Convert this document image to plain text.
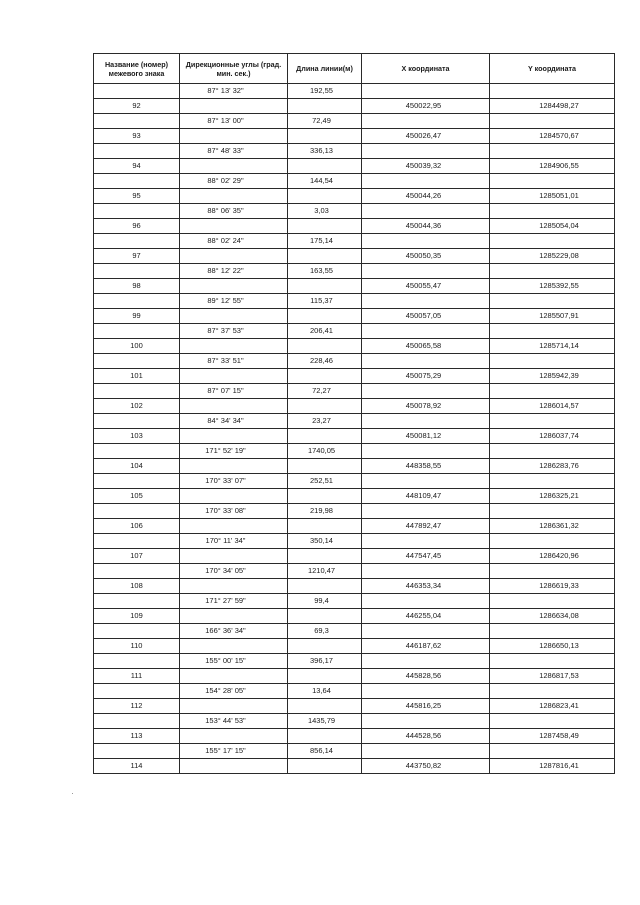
Название (номер) межевого знака	Дирекционные углы (град. мин. сек.)	Длина линии(м)	Х координата	Y координата
	87° 13' 32"	192,55		
92			450022,95	1284498,27
	87° 13' 00"	72,49		
93			450026,47	1284570,67
	87° 48' 33"	336,13		
94			450039,32	1284906,55
	88° 02' 29"	144,54		
95			450044,26	1285051,01
	88° 06' 35"	3,03		
96			450044,36	1285054,04
	88° 02' 24"	175,14		
97			450050,35	1285229,08
	88° 12' 22"	163,55		
98			450055,47	1285392,55
	89° 12' 55"	115,37		
99			450057,05	1285507,91
	87° 37' 53"	206,41		
100			450065,58	1285714,14
	87° 33' 51"	228,46		
101			450075,29	1285942,39
	87° 07' 15"	72,27		
102			450078,92	1286014,57
	84° 34' 34"	23,27		
103			450081,12	1286037,74
	171° 52' 19"	1740,05		
104			448358,55	1286283,76
	170° 33' 07"	252,51		
105			448109,47	1286325,21
	170° 33' 08"	219,98		
106			447892,47	1286361,32
	170° 11' 34"	350,14		
107			447547,45	1286420,96
	170° 34' 05"	1210,47		
108			446353,34	1286619,33
	171° 27' 59"	99,4		
109			446255,04	1286634,08
	166° 36' 34"	69,3		
110			446187,62	1286650,13
	155° 00' 15"	396,17		
111			445828,56	1286817,53
	154° 28' 05"	13,64		
112			445816,25	1286823,41
	153° 44' 53"	1435,79		
113			444528,56	1287458,49
	155° 17' 15"	856,14		
114			443750,82	1287816,41
